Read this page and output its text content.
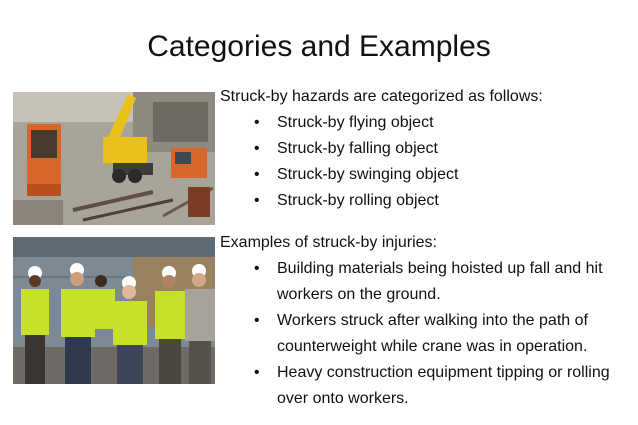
Categories and Examples
Struck-by hazards are categorized as follows:
• Struck-by flying object
• Struck-by falling object
• Struck-by swinging object
• Struck-by rolling object
Examples of struck-by injuries:
• Building materials being hoisted up fall and hit workers on the ground.
• Workers struck after walking into the path of counterweight while crane was in operation.
• Heavy construction equipment tipping or rolling over onto workers.
